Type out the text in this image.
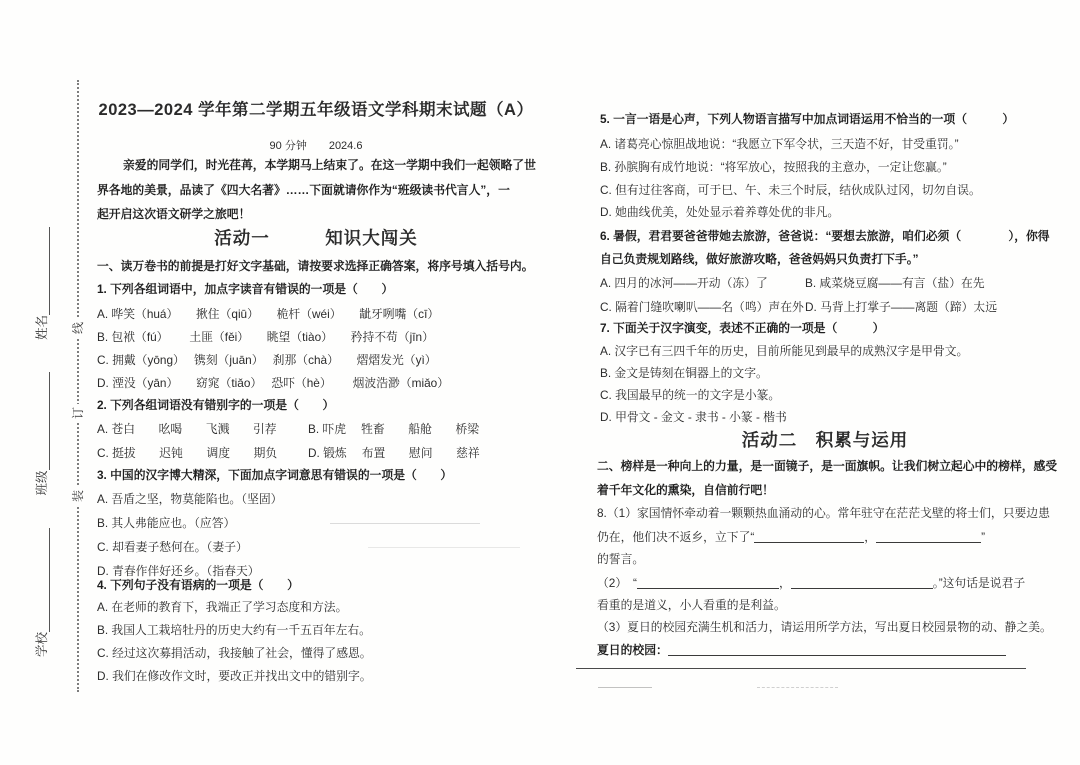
线
订
装
学校
班级
姓名
2023—2024 学年第二学期五年级语文学科期末试题（A）
90 分钟　　2024.6
亲爱的同学们，时光荏苒，本学期马上结束了。在这一学期中我们一起领略了世
界各地的美景，品读了《四大名著》……下面就请你作为“班级读书代言人”，一
起开启这次语文研学之旅吧！
活动一　　　知识大闯关
一、读万卷书的前提是打好文字基础，请按要求选择正确答案，将序号填入括号内。
1. 下列各组词语中，加点字读音有错误的一项是（　　）
A. 哗笑（huá）　　揪住（qiū）　　桅杆（wéi）　　龇牙咧嘴（cī）
B. 包袱（fú）　　 土匪（fěi）　　眺望（tiào）　　矜持不苟（jīn）
C. 拥戴（yōng）　 镌刻（juān）　 刹那（chà）　　熠熠发光（yì）
D. 湮没（yān）　　窈窕（tiǎo）　 恐吓（hè）　　 烟波浩渺（miǎo）
2. 下列各组词语没有错别字的一项是（　　）
A. 苍白　　吆喝　　飞溅　　引荐	B. 吓虎　 牲畜　　船舱　　桥梁
C. 挺拔　　迟钝　　调度　　期负	D. 锻炼　 布置　　慰问　　慈祥
3. 中国的汉字博大精深，下面加点字词意思有错误的一项是（　　）
A. 吾盾之坚，物莫能陷也。（坚固）
B. 其人弗能应也。（应答）
C. 却看妻子愁何在。（妻子）
D. 青春作伴好还乡。（指春天）
4. 下列句子没有语病的一项是（　　）
A. 在老师的教育下，我端正了学习态度和方法。
B. 我国人工栽培牡丹的历史大约有一千五百年左右。
C. 经过这次募捐活动，我接触了社会，懂得了感恩。
D. 我们在修改作文时，要改正并找出文中的错别字。
5. 一言一语是心声，下列人物语言描写中加点词语运用不恰当的一项（　　　）
A. 诸葛亮心惊胆战地说：“我愿立下军令状，三天造不好，甘受重罚。”
B. 孙膑胸有成竹地说：“将军放心，按照我的主意办，一定让您赢。”
C. 但有过往客商，可于巳、午、未三个时辰，结伙成队过冈，切勿自误。
D. 她曲线优美，处处显示着养尊处优的非凡。
6. 暑假，君君要爸爸带她去旅游，爸爸说：“要想去旅游，咱们必须（　　　　），你得
自己负责规划路线，做好旅游攻略，爸爸妈妈只负责打下手。”
A. 四月的冰河——开动（冻）了	B. 咸菜烧豆腐——有言（盐）在先
C. 隔着门缝吹喇叭——名（鸣）声在外 D. 马背上打掌子——离题（蹄）太远
7. 下面关于汉字演变，表述不正确的一项是（　　　）
A. 汉字已有三四千年的历史，目前所能见到最早的成熟汉字是甲骨文。
B. 金文是铸刻在铜器上的文字。
C. 我国最早的统一的文字是小篆。
D. 甲骨文 - 金文 - 隶书 - 小篆 - 楷书
活动二　积累与运用
二、榜样是一种向上的力量，是一面镜子，是一面旗帜。让我们树立起心中的榜样，感受
着千年文化的熏染，自信前行吧！
8.（1）家国情怀牵动着一颗颗热血涌动的心。常年驻守在茫茫戈壁的将士们，只要边患
仍在，他们决不返乡，立下了“	，	”
的誓言。
（2）　“	，	。”这句话是说君子
看重的是道义，小人看重的是利益。
（3）夏日的校园充满生机和活力，请运用所学方法，写出夏日校园景物的动、静之美。
夏日的校园：
